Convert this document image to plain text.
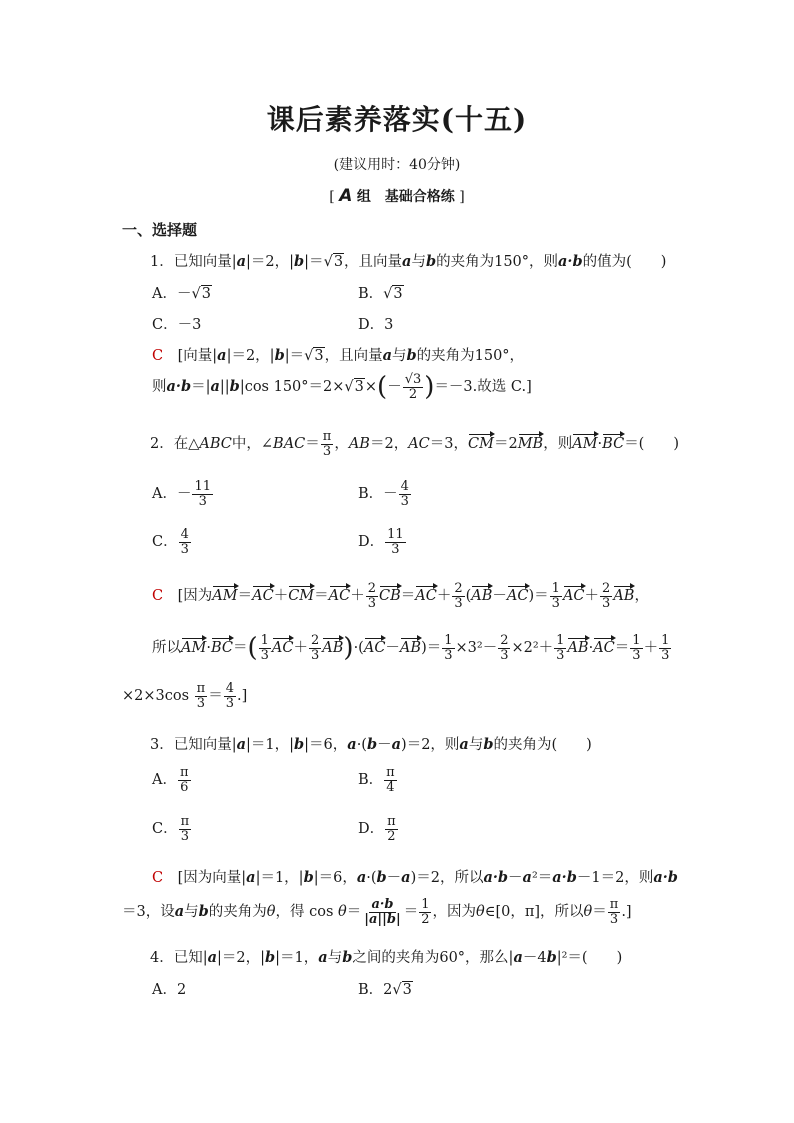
课后素养落实(十五)
(建议用时：40分钟)
[ A 组　基础合格练 ]
一、选择题
1．已知向量|a|＝2，|b|＝√3，且向量a与b的夹角为150°，则a·b的值为(　　)
A．－√3	B．√3
C．－3	D．3
C　 [向量|a|＝2，|b|＝√3，且向量a与b的夹角为150°，
则a·b＝|a||b|cos $150^\circ=2\times√3\times(- \frac{√3}{2} )=-3$.故选 C.]
2．在△ABC中，∠BAC＝ $\frac{\pi}{3}$ ，AB＝2，AC＝3，CM＝2MB，则AM·BC＝(　　)
A．－ $\frac{11}{3}$	B．－ $\frac{4}{3}$
C． $\frac{4}{3}$	D． $\frac{11}{3}$
C　 [因为$AM=AC+CM=AC+ \frac{2}{3} CB=AC+ \frac{2}{3} (AB-AC)= \frac{1}{3} AC+ \frac{2}{3}$ AB，
所以$AM\cdot BC=( \frac{1}{3} AC+ \frac{2}{3} AB)\cdot(AC-AB)= \frac{1}{3} \times 3^2- \frac{2}{3} \times 2^2+ \frac{1}{3} AB\cdot AC= \frac{1}{3} + \frac{1}{3}$
$\times 2\times 3\cos \frac{\pi}{3} = \frac{4}{3}$ .]
3．已知向量|a|＝1，|b|＝6，a·(b－a)＝2，则a与b的夹角为(　　)
A． $\frac{\pi}{6}$	B． $\frac{\pi}{4}$
C． $\frac{\pi}{3}$	D． $\frac{\pi}{2}$
C　 [因为向量|a|＝1，|b|＝6，a·(b－a)＝2，所以a·b－a²＝a·b－1＝2，则a·b
＝3，设a与b的夹角为θ，得 $\cos \theta= \frac{a\cdot b}{|a||b|} = \frac{1}{2}$ ，因为θ∈[0，π]，所以$\theta= \frac{\pi}{3}$ .]
4．已知|a|＝2，|b|＝1，a与b之间的夹角为60°，那么|a－4b|²＝(　　)
A．2	B．2√3
